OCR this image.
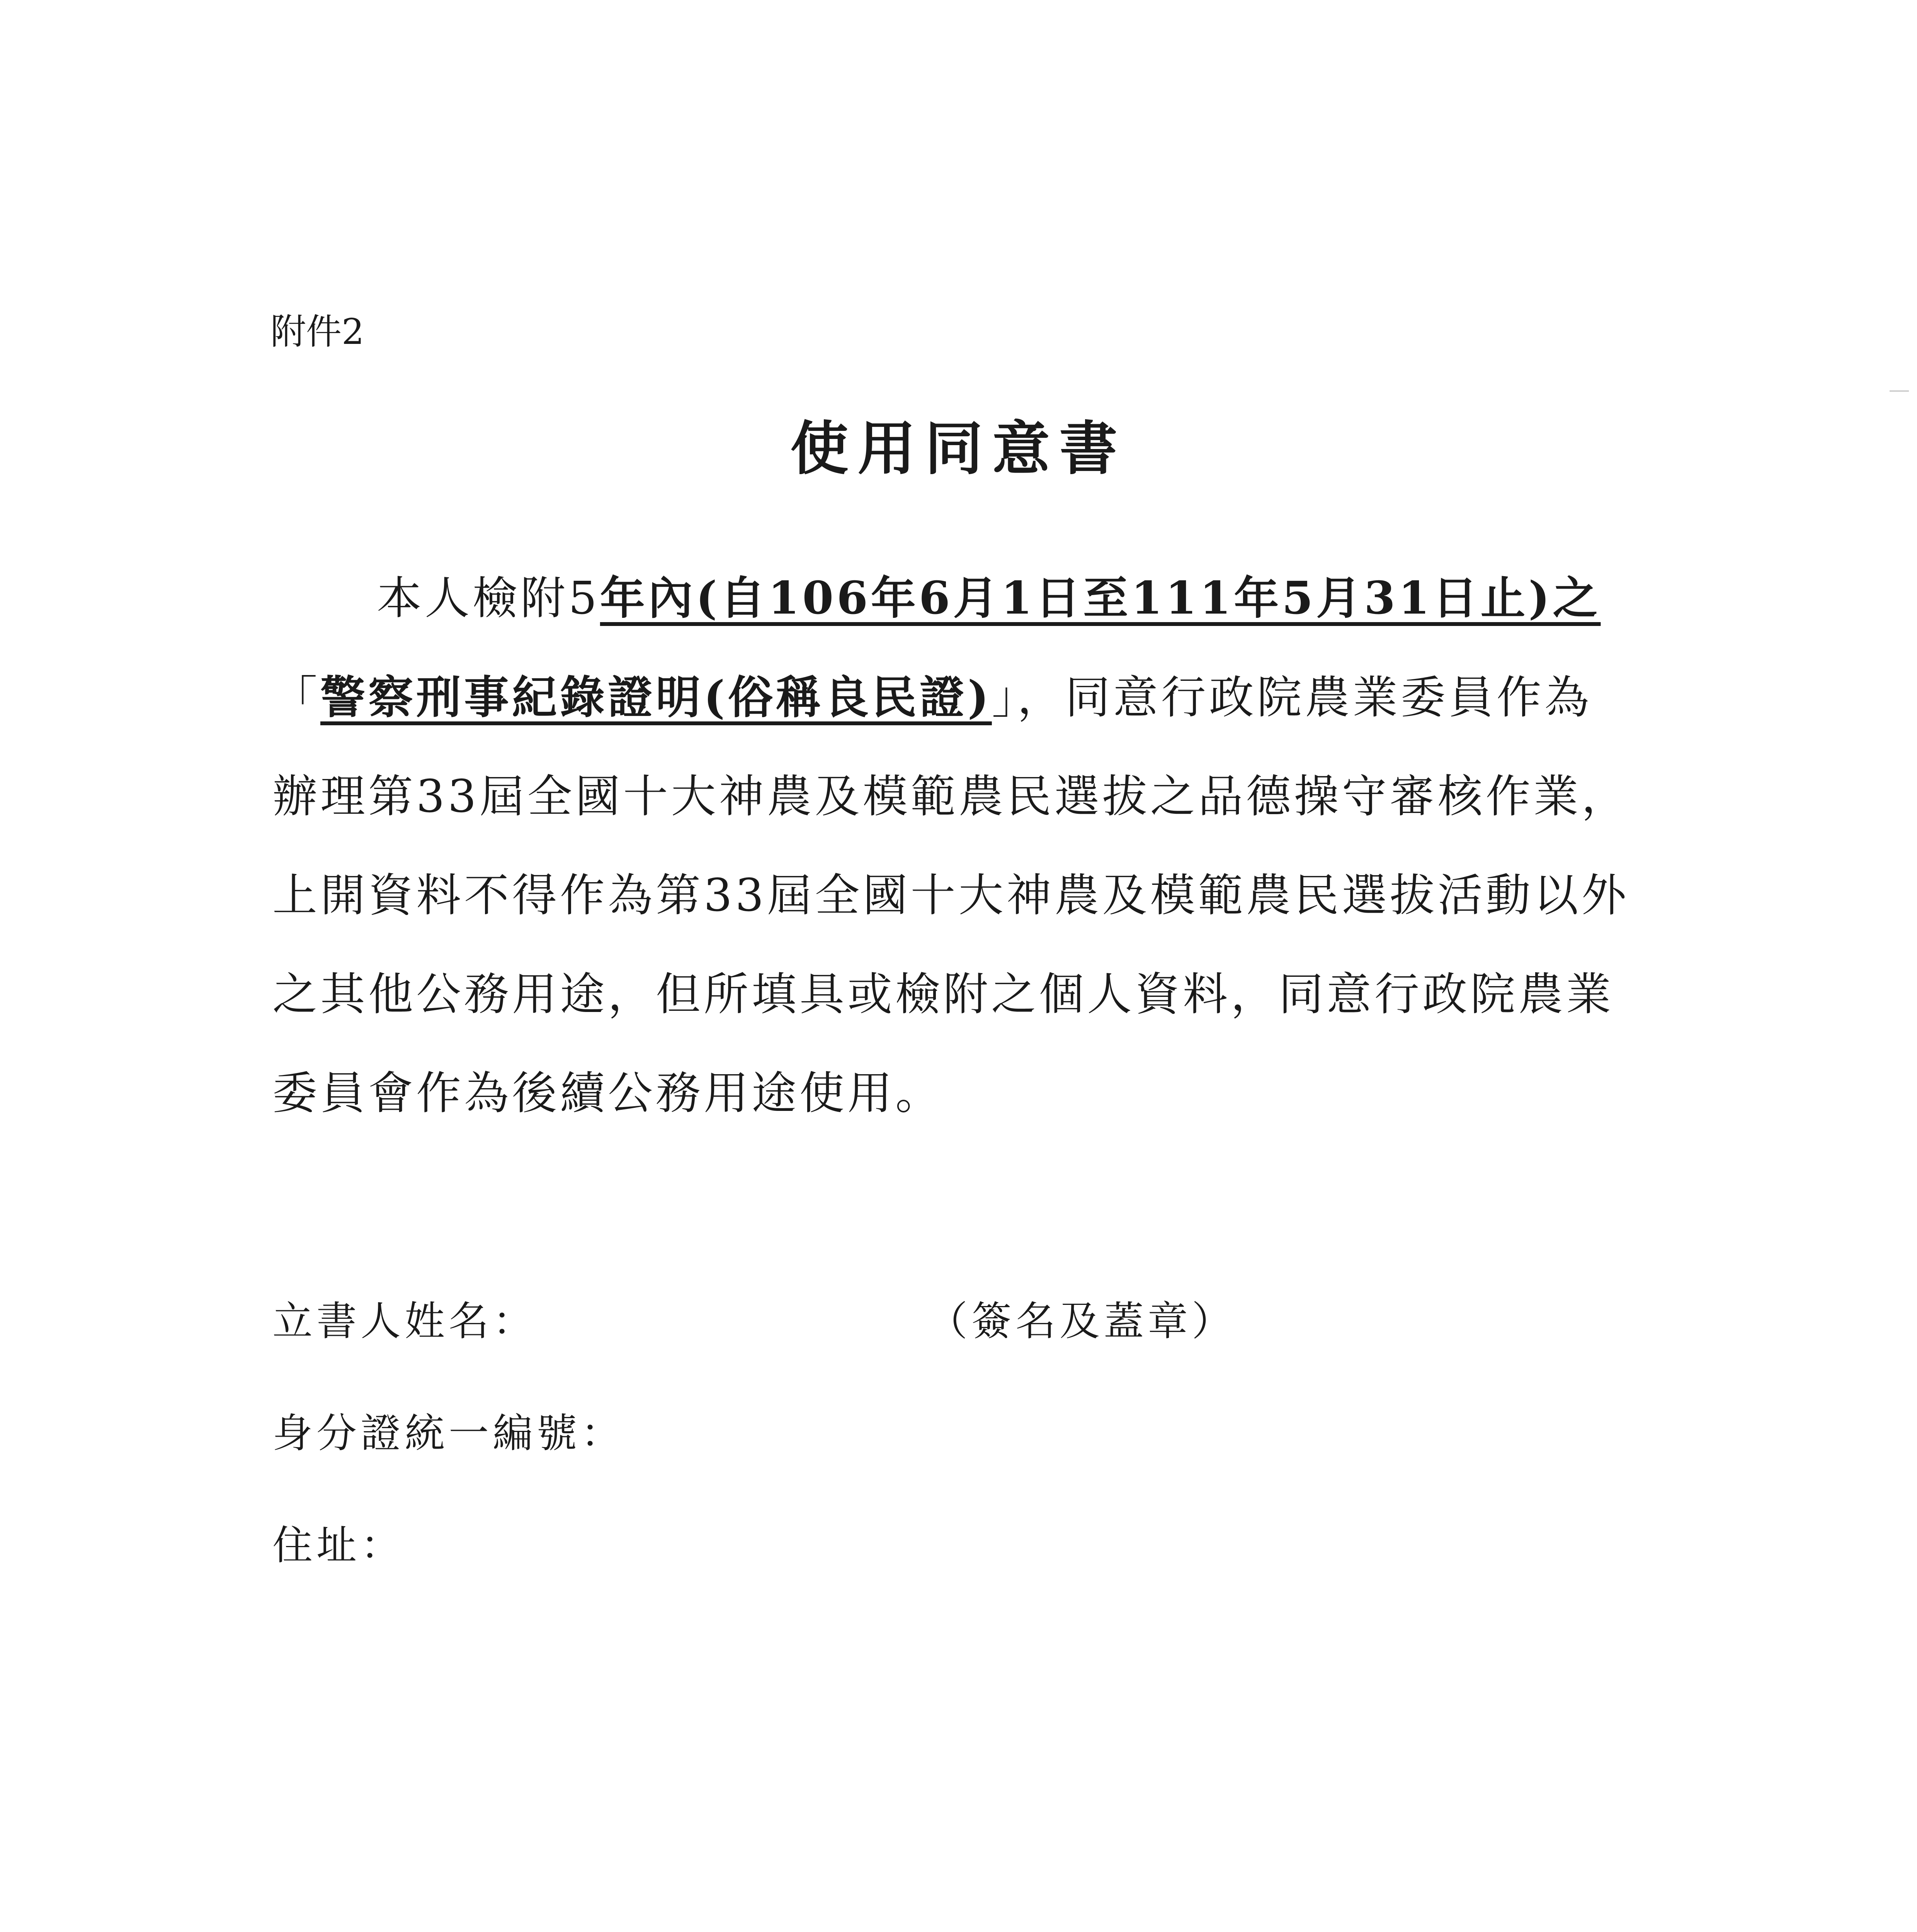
附件2
使用同意書
本人檢附5年內(自106年6月1日至111年5月31日止)之「警察刑事紀錄證明(俗稱良民證)」，同意行政院農業委員作為辦理第33屆全國十大神農及模範農民選拔之品德操守審核作業，上開資料不得作為第33屆全國十大神農及模範農民選拔活動以外之其他公務用途，但所填具或檢附之個人資料，同意行政院農業委員會作為後續公務用途使用。
立書人姓名：	（簽名及蓋章）
身分證統一編號：
住址：
